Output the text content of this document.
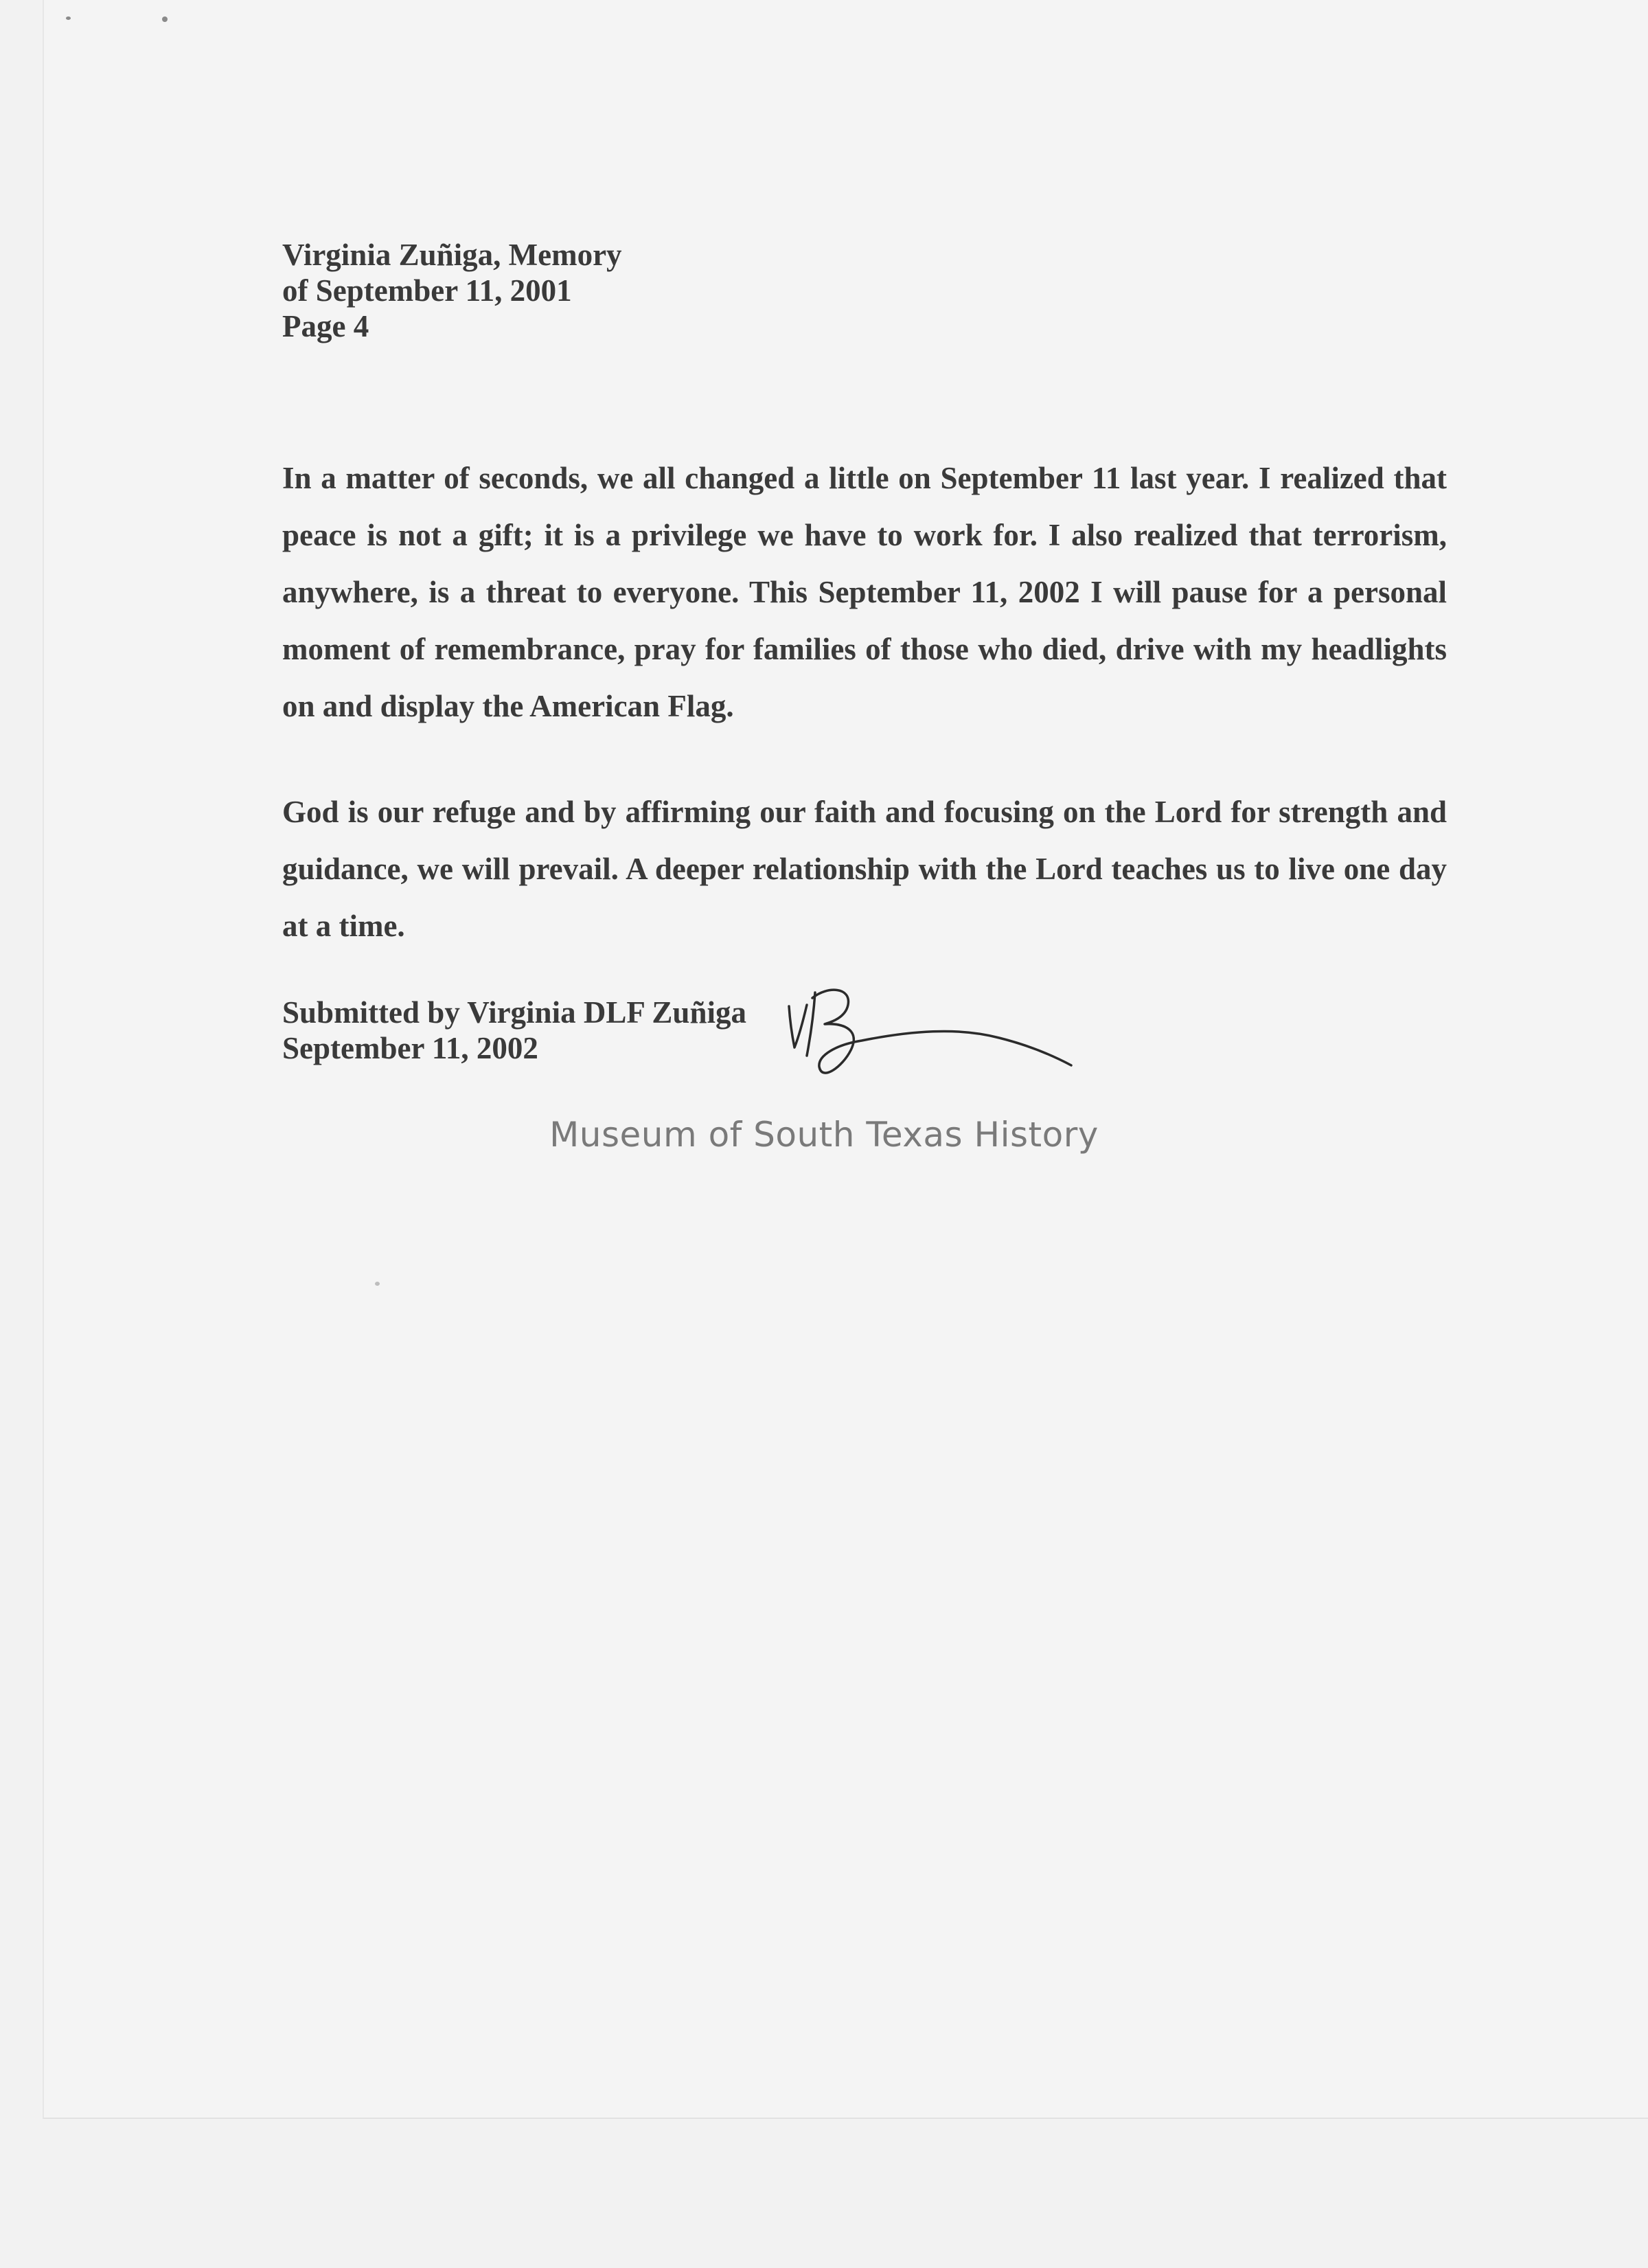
Virginia Zuñiga, Memory
of September 11, 2001
Page 4

In a matter of seconds, we all changed a little on September 11 last year. I realized that peace is not a gift; it is a privilege we have to work for. I also realized that terrorism, anywhere, is a threat to everyone. This September 11, 2002 I will pause for a personal moment of remembrance, pray for families of those who died, drive with my headlights on and display the American Flag.

God is our refuge and by affirming our faith and focusing on the Lord for strength and guidance, we will prevail. A deeper relationship with the Lord teaches us to live one day at a time.

Submitted by Virginia DLF Zuñiga
September 11, 2002
Museum of South Texas History
